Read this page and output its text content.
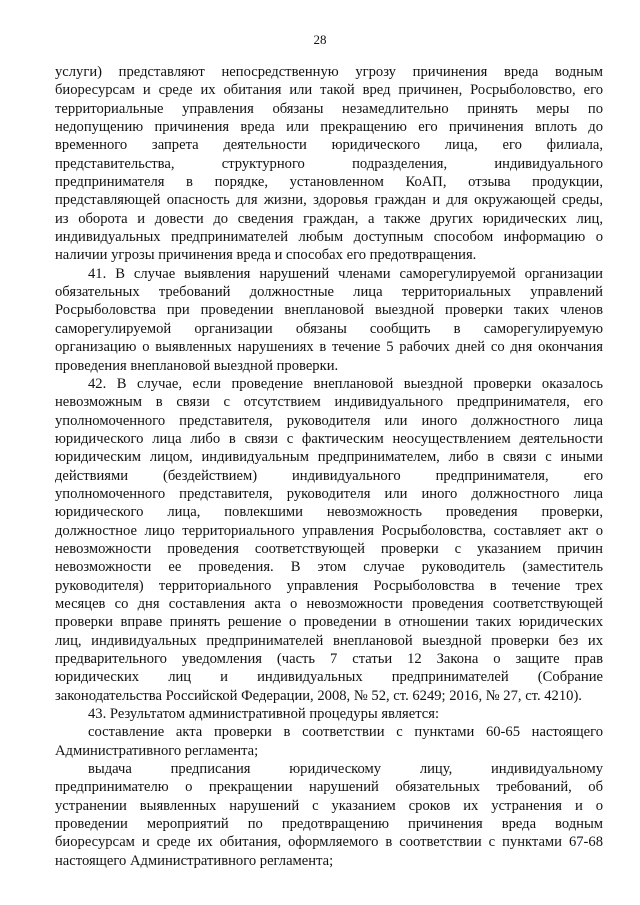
28
услуги) представляют непосредственную угрозу причинения вреда водным
биоресурсам и среде их обитания или такой вред причинен, Росрыболовство, его
территориальные управления обязаны незамедлительно принять меры по
недопущению причинения вреда или прекращению его причинения вплоть до
временного запрета деятельности юридического лица, его филиала,
представительства, структурного подразделения, индивидуального
предпринимателя в порядке, установленном КоАП, отзыва продукции,
представляющей опасность для жизни, здоровья граждан и для окружающей среды,
из оборота и довести до сведения граждан, а также других юридических лиц,
индивидуальных предпринимателей любым доступным способом информацию о
наличии угрозы причинения вреда и способах его предотвращения.
41. В случае выявления нарушений членами саморегулируемой организации
обязательных требований должностные лица территориальных управлений
Росрыболовства при проведении внеплановой выездной проверки таких членов
саморегулируемой организации обязаны сообщить в саморегулируемую
организацию о выявленных нарушениях в течение 5 рабочих дней со дня окончания
проведения внеплановой выездной проверки.
42. В случае, если проведение внеплановой выездной проверки оказалось
невозможным в связи с отсутствием индивидуального предпринимателя, его
уполномоченного представителя, руководителя или иного должностного лица
юридического лица либо в связи с фактическим неосуществлением деятельности
юридическим лицом, индивидуальным предпринимателем, либо в связи с иными
действиями (бездействием) индивидуального предпринимателя, его
уполномоченного представителя, руководителя или иного должностного лица
юридического лица, повлекшими невозможность проведения проверки,
должностное лицо территориального управления Росрыболовства, составляет акт о
невозможности проведения соответствующей проверки с указанием причин
невозможности ее проведения. В этом случае руководитель (заместитель
руководителя) территориального управления Росрыболовства в течение трех
месяцев со дня составления акта о невозможности проведения соответствующей
проверки вправе принять решение о проведении в отношении таких юридических
лиц, индивидуальных предпринимателей внеплановой выездной проверки без их
предварительного уведомления (часть 7 статьи 12 Закона о защите прав
юридических лиц и индивидуальных предпринимателей (Собрание
законодательства Российской Федерации, 2008, № 52, ст. 6249; 2016, № 27, ст. 4210).
43. Результатом административной процедуры является:
составление акта проверки в соответствии с пунктами 60-65 настоящего
Административного регламента;
выдача предписания юридическому лицу, индивидуальному
предпринимателю о прекращении нарушений обязательных требований, об
устранении выявленных нарушений с указанием сроков их устранения и о
проведении мероприятий по предотвращению причинения вреда водным
биоресурсам и среде их обитания, оформляемого в соответствии с пунктами 67-68
настоящего Административного регламента;
